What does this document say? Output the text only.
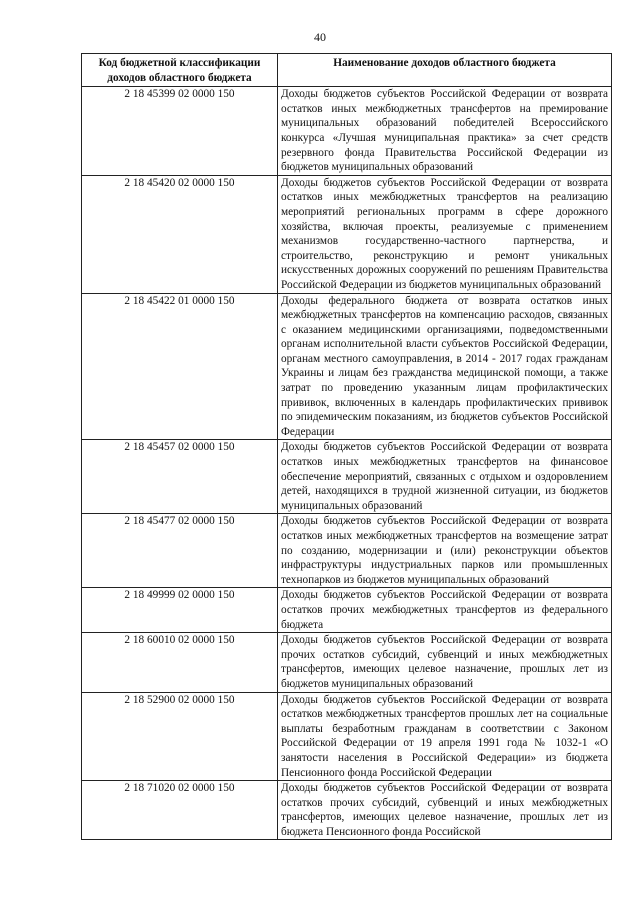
40
Код бюджетной классификации доходов областного бюджета	Наименование доходов областного бюджета
2 18 45399 02 0000 150	Доходы бюджетов субъектов Российской Федерации от возврата остатков иных межбюджетных трансфертов на премирование муниципальных образований победителей Всероссийского конкурса «Лучшая муниципальная практика» за счет средств резервного фонда Правительства Российской Федерации из бюджетов муниципальных образований
2 18 45420 02 0000 150	Доходы бюджетов субъектов Российской Федерации от возврата остатков иных межбюджетных трансфертов на реализацию мероприятий региональных программ в сфере дорожного хозяйства, включая проекты, реализуемые с применением механизмов государственно-частного партнерства, и строительство, реконструкцию и ремонт уникальных искусственных дорожных сооружений по решениям Правительства Российской Федерации из бюджетов муниципальных образований
2 18 45422 01 0000 150	Доходы федерального бюджета от возврата остатков иных межбюджетных трансфертов на компенсацию расходов, связанных с оказанием медицинскими организациями, подведомственными органам исполнительной власти субъектов Российской Федерации, органам местного самоуправления, в 2014 - 2017 годах гражданам Украины и лицам без гражданства медицинской помощи, а также затрат по проведению указанным лицам профилактических прививок, включенных в календарь профилактических прививок по эпидемическим показаниям, из бюджетов субъектов Российской Федерации
2 18 45457 02 0000 150	Доходы бюджетов субъектов Российской Федерации от возврата остатков иных межбюджетных трансфертов на финансовое обеспечение мероприятий, связанных с отдыхом и оздоровлением детей, находящихся в трудной жизненной ситуации, из бюджетов муниципальных образований
2 18 45477 02 0000 150	Доходы бюджетов субъектов Российской Федерации от возврата остатков иных межбюджетных трансфертов на возмещение затрат по созданию, модернизации и (или) реконструкции объектов инфраструктуры индустриальных парков или промышленных технопарков из бюджетов муниципальных образований
2 18 49999 02 0000 150	Доходы бюджетов субъектов Российской Федерации от возврата остатков прочих межбюджетных трансфертов из федерального бюджета
2 18 60010 02 0000 150	Доходы бюджетов субъектов Российской Федерации от возврата прочих остатков субсидий, субвенций и иных межбюджетных трансфертов, имеющих целевое назначение, прошлых лет из бюджетов муниципальных образований
2 18 52900 02 0000 150	Доходы бюджетов субъектов Российской Федерации от возврата остатков межбюджетных трансфертов прошлых лет на социальные выплаты безработным гражданам в соответствии с Законом Российской Федерации от 19 апреля 1991 года № 1032-1 «О занятости населения в Российской Федерации» из бюджета Пенсионного фонда Российской Федерации
2 18 71020 02 0000 150	Доходы бюджетов субъектов Российской Федерации от возврата остатков прочих субсидий, субвенций и иных межбюджетных трансфертов, имеющих целевое назначение, прошлых лет из бюджета Пенсионного фонда Российской
